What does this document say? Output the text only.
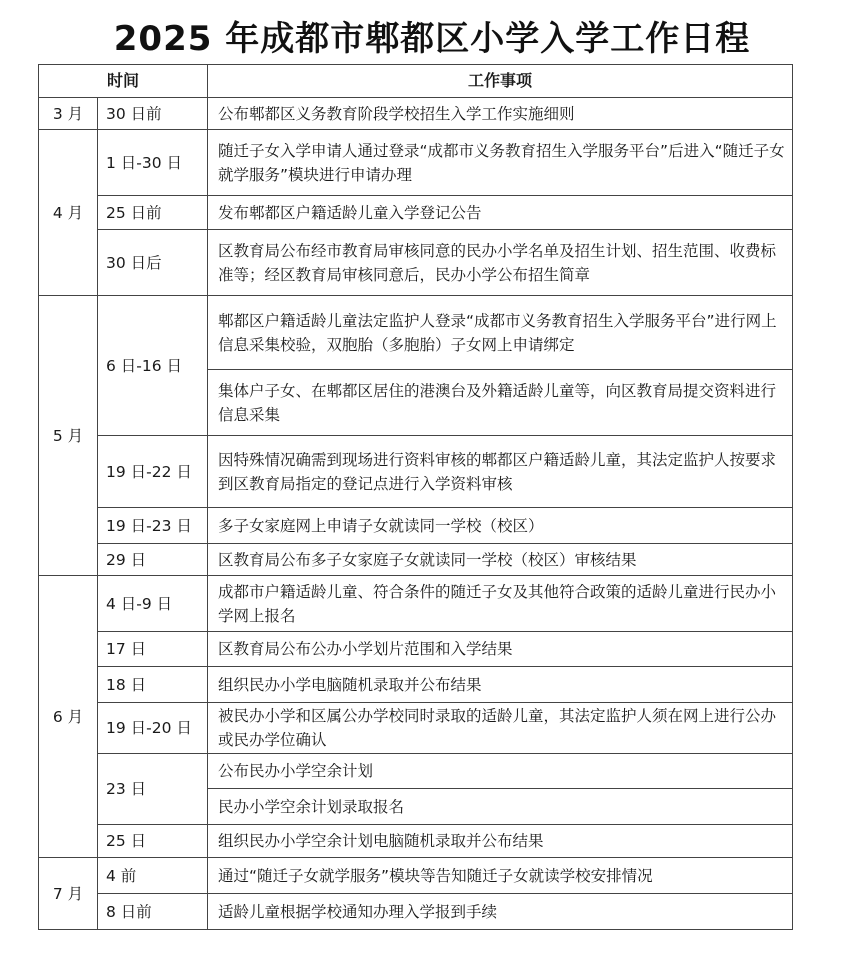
2025 年成都市郫都区小学入学工作日程
时间		工作事项
3 月	30 日前	公布郫都区义务教育阶段学校招生入学工作实施细则
4 月	1 日-30 日	随迁子女入学申请人通过登录“成都市义务教育招生入学服务平台”后进入“随迁子女就学服务”模块进行申请办理
	25 日前	发布郫都区户籍适龄儿童入学登记公告
	30 日后	区教育局公布经市教育局审核同意的民办小学名单及招生计划、招生范围、收费标准等；经区教育局审核同意后，民办小学公布招生简章
5 月	6 日-16 日	郫都区户籍适龄儿童法定监护人登录“成都市义务教育招生入学服务平台”进行网上信息采集校验，双胞胎（多胞胎）子女网上申请绑定
		集体户子女、在郫都区居住的港澳台及外籍适龄儿童等，向区教育局提交资料进行信息采集
	19 日-22 日	因特殊情况确需到现场进行资料审核的郫都区户籍适龄儿童，其法定监护人按要求到区教育局指定的登记点进行入学资料审核
	19 日-23 日	多子女家庭网上申请子女就读同一学校（校区）
	29 日	区教育局公布多子女家庭子女就读同一学校（校区）审核结果
6 月	4 日-9 日	成都市户籍适龄儿童、符合条件的随迁子女及其他符合政策的适龄儿童进行民办小学网上报名
	17 日	区教育局公布公办小学划片范围和入学结果
	18 日	组织民办小学电脑随机录取并公布结果
	19 日-20 日	被民办小学和区属公办学校同时录取的适龄儿童，其法定监护人须在网上进行公办或民办学位确认
	23 日	公布民办小学空余计划
		民办小学空余计划录取报名
	25 日	组织民办小学空余计划电脑随机录取并公布结果
7 月	4 前	通过“随迁子女就学服务”模块等告知随迁子女就读学校安排情况
	8 日前	适龄儿童根据学校通知办理入学报到手续
